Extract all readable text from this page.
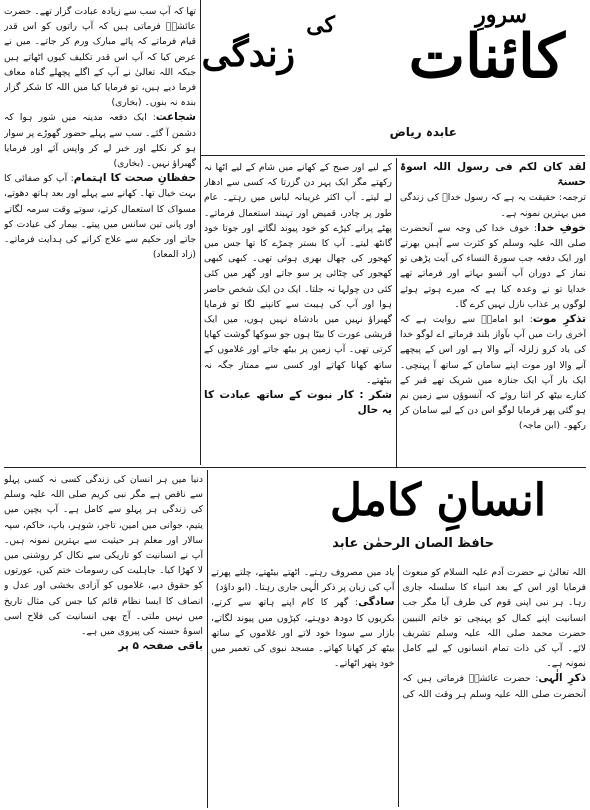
سرورِ
کائنات
کی
زندگی
عابدہ ریاض

لقد کان لکم فی رسول اللہ اسوۃ حسنۃ

ترجمہ: حقیقت یہ ہے کہ رسول خداؐ کی زندگی میں بہترین نمونہ ہے۔

خوفِ خدا: خوف خدا کی وجہ سے آنحضرت صلی اللہ علیہ وسلم کو کثرت سے آہیں بھرتے اور ایک دفعہ جب سورۃ النساء کی آیت پڑھی تو نماز کے دوران آپ آنسو بہاتے اور فرماتے تھے خدایا تو نے وعدہ کیا ہے کہ میرے ہوتے ہوئے لوگوں پر عذاب نازل نہیں کرے گا۔

تذکرِ موت: ابو امامہؓ سے روایت ہے کہ آخری رات میں آپ بآواز بلند فرماتے اے لوگو خدا کی یاد کرو زلزلہ آنے والا ہے اور اس کے پیچھے آنے والا اور موت اپنے سامان کے ساتھ آ پہنچی۔ ایک بار آپ ایک جنازہ میں شریک تھے قبر کے کنارے بیٹھ کر اتنا روئے کہ آنسوؤں سے زمین نم ہو گئی پھر فرمایا لوگو اس دن کے لیے سامان کر رکھو۔ (ابن ماجہ)

کے لیے اور صبح کے کھانے میں شام کے لیے اٹھا نہ رکھتے مگر ایک پہر دن گزرتا کہ کسی سے ادھار لے لیتے۔ آپ اکثر غریبانہ لباس میں رہتے۔ عام طور پر چادر، قمیض اور تہبند استعمال فرماتے۔ پھٹے پرانے کپڑے کو خود پیوند لگاتے اور جوتا خود گانٹھ لیتے۔ آپ کا بستر چمڑے کا تھا جس میں کھجور کی چھال بھری ہوئی تھی۔ کبھی کبھی کھجور کی چٹائی پر سو جاتے اور گھر میں کئی کئی دن چولہا نہ جلتا۔ ایک دن ایک شخص حاضر ہوا اور آپ کی ہیبت سے کانپنے لگا تو فرمایا گھبراؤ نہیں میں بادشاہ نہیں ہوں، میں ایک قریشی عورت کا بیٹا ہوں جو سوکھا گوشت کھایا کرتی تھی۔ آپ زمین پر بیٹھ جاتے اور غلاموں کے ساتھ کھانا کھاتے اور کسی سے ممتاز جگہ نہ بیٹھتے۔

شکر : کار نبوت کے ساتھ عبادت کا یہ حال

تھا کہ آپ سب سے زیادہ عبادت گزار تھے۔ حضرت عائشہؓ فرماتی ہیں کہ آپ راتوں کو اس قدر قیام فرماتے کہ پائے مبارک ورم کر جاتے۔ میں نے عرض کیا کہ آپ اس قدر تکلیف کیوں اٹھاتے ہیں جبکہ اللہ تعالیٰ نے آپ کے اگلے پچھلے گناہ معاف فرما دیے ہیں، تو فرمایا کیا میں اللہ کا شکر گزار بندہ نہ بنوں۔ (بخاری)

شجاعت: ایک دفعہ مدینہ میں شور ہوا کہ دشمن آ گئے۔ سب سے پہلے حضور گھوڑے پر سوار ہو کر نکلے اور خبر لے کر واپس آئے اور فرمایا گھبراؤ نہیں۔ (بخاری)

حفظانِ صحت کا اہتمام: آپ کو صفائی کا بہت خیال تھا۔ کھانے سے پہلے اور بعد ہاتھ دھوتے، مسواک کا استعمال کرتے، سوتے وقت سرمہ لگاتے اور پانی تین سانس میں پیتے۔ بیمار کی عیادت کو جاتے اور حکیم سے علاج کرانے کی ہدایت فرماتے۔ (زاد المعاد)

انسانِ کامل
حافظ الصان الرحمٰن عابد

اللہ تعالیٰ نے حضرت آدم علیہ السلام کو مبعوث فرمایا اور اس کے بعد انبیاء کا سلسلہ جاری رہا۔ ہر نبی اپنی قوم کی طرف آیا مگر جب انسانیت اپنے کمال کو پہنچی تو خاتم النبیین حضرت محمد صلی اللہ علیہ وسلم تشریف لائے۔ آپ کی ذات تمام انسانوں کے لیے کامل نمونہ ہے۔

ذکرِ الٰہی: حضرت عائشہؓ فرماتی ہیں کہ آنحضرت صلی اللہ علیہ وسلم ہر وقت اللہ کی یاد میں مصروف رہتے۔ اٹھتے بیٹھتے، چلتے پھرتے آپ کی زبان پر ذکر الٰہی جاری رہتا۔ (ابو داؤد)

سادگی: گھر کا کام اپنے ہاتھ سے کرتے، بکریوں کا دودھ دوہتے، کپڑوں میں پیوند لگاتے، بازار سے سودا خود لاتے اور غلاموں کے ساتھ بیٹھ کر کھانا کھاتے۔ مسجد نبوی کی تعمیر میں خود پتھر اٹھاتے۔

دنیا میں ہر انسان کی زندگی کسی نہ کسی پہلو سے ناقص ہے مگر نبی کریم صلی اللہ علیہ وسلم کی زندگی ہر پہلو سے کامل ہے۔ آپ بچپن میں یتیم، جوانی میں امین، تاجر، شوہر، باپ، حاکم، سپہ سالار اور معلم ہر حیثیت سے بہترین نمونہ ہیں۔ آپ نے انسانیت کو تاریکی سے نکال کر روشنی میں لا کھڑا کیا۔ جاہلیت کی رسومات ختم کیں، عورتوں کو حقوق دیے، غلاموں کو آزادی بخشی اور عدل و انصاف کا ایسا نظام قائم کیا جس کی مثال تاریخ میں نہیں ملتی۔ آج بھی انسانیت کی فلاح اسی اسوۂ حسنہ کی پیروی میں ہے۔

باقی صفحہ ۵ پر
